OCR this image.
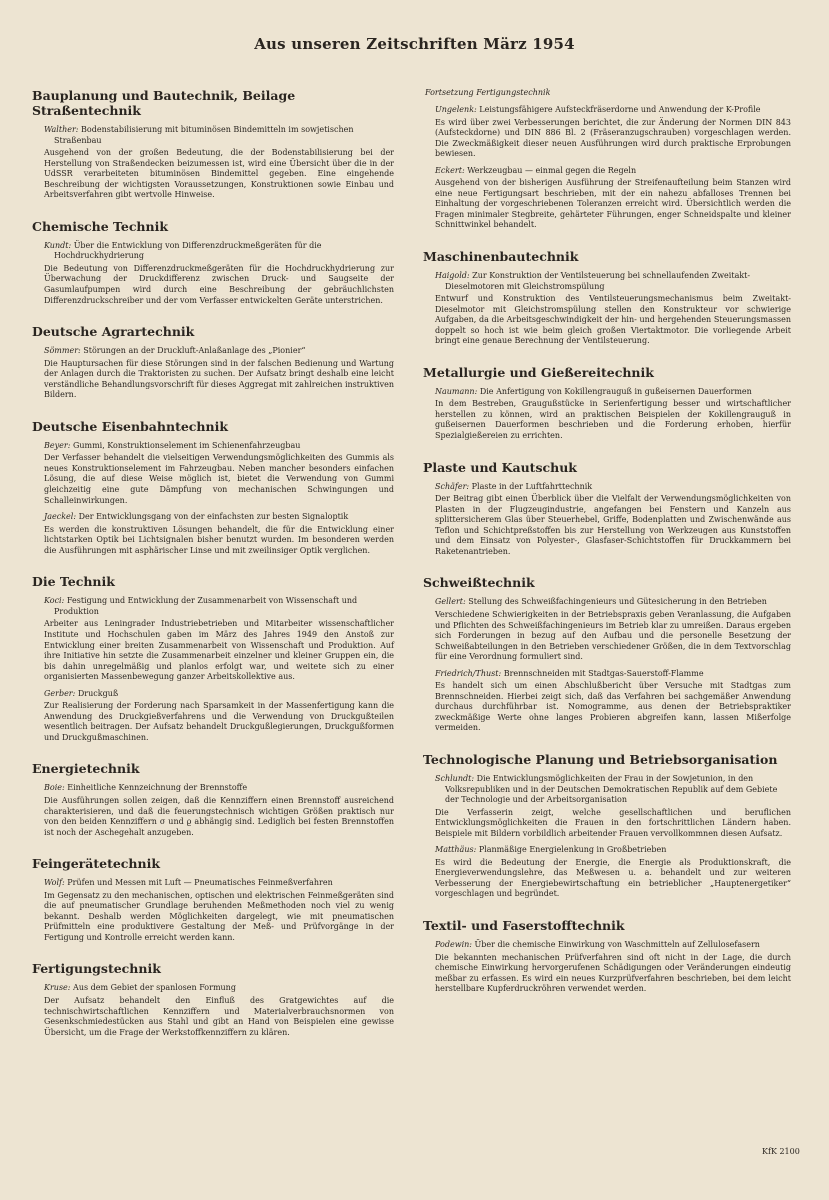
Aus unseren Zeitschriften März 1954
Bauplanung und Bautechnik, Beilage Straßentechnik
Walther: Bodenstabilisierung mit bituminösen Bindemitteln im sowjetischen Straßenbau
Ausgehend von der großen Bedeutung, die der Bodenstabilisierung bei der Herstellung von Straßendecken beizumessen ist, wird eine Übersicht über die in der UdSSR verarbeiteten bituminösen Bindemittel gegeben. Eine eingehende Beschreibung der wichtigsten Voraussetzungen, Konstruktionen sowie Einbau und Arbeitsverfahren gibt wertvolle Hinweise.
Chemische Technik
Kundt: Über die Entwicklung von Differenzdruckmeßgeräten für die Hochdruckhydrierung
Die Bedeutung von Differenzdruckmeßgeräten für die Hochdruckhydrierung zur Überwachung der Druckdifferenz zwischen Druck- und Saugseite der Gasumlaufpumpen wird durch eine Beschreibung der gebräuchlichsten Differenzdruckschreiber und der vom Verfasser entwickelten Geräte unterstrichen.
Deutsche Agrartechnik
Sömmer: Störungen an der Druckluft-Anlaßanlage des „Pionier“
Die Hauptursachen für diese Störungen sind in der falschen Bedienung und Wartung der Anlagen durch die Traktoristen zu suchen. Der Aufsatz bringt deshalb eine leicht verständliche Behandlungsvorschrift für dieses Aggregat mit zahlreichen instruktiven Bildern.
Deutsche Eisenbahntechnik
Beyer: Gummi, Konstruktionselement im Schienenfahrzeugbau
Der Verfasser behandelt die vielseitigen Verwendungsmöglichkeiten des Gummis als neues Konstruktionselement im Fahrzeugbau. Neben mancher besonders einfachen Lösung, die auf diese Weise möglich ist, bietet die Verwendung von Gummi gleichzeitig eine gute Dämpfung von mechanischen Schwingungen und Schalleinwirkungen.
Jaeckel: Der Entwicklungsgang von der einfachsten zur besten Signaloptik
Es werden die konstruktiven Lösungen behandelt, die für die Entwicklung einer lichtstarken Optik bei Lichtsignalen bisher benutzt wurden. Im besonderen werden die Ausführungen mit asphärischer Linse und mit zweilinsiger Optik verglichen.
Die Technik
Koci: Festigung und Entwicklung der Zusammenarbeit von Wissenschaft und Produktion
Arbeiter aus Leningrader Industriebetrieben und Mitarbeiter wissenschaftlicher Institute und Hochschulen gaben im März des Jahres 1949 den Anstoß zur Entwicklung einer breiten Zusammenarbeit von Wissenschaft und Produktion. Auf ihre Initiative hin setzte die Zusammenarbeit einzelner und kleiner Gruppen ein, die bis dahin unregelmäßig und planlos erfolgt war, und weitete sich zu einer organisierten Massenbewegung ganzer Arbeitskollektive aus.
Gerber: Druckguß
Zur Realisierung der Forderung nach Sparsamkeit in der Massenfertigung kann die Anwendung des Druckgießverfahrens und die Verwendung von Druckgußteilen wesentlich beitragen. Der Aufsatz behandelt Druckgußlegierungen, Druckgußformen und Druckgußmaschinen.
Energietechnik
Boie: Einheitliche Kennzeichnung der Brennstoffe
Die Ausführungen sollen zeigen, daß die Kennziffern einen Brennstoff ausreichend charakterisieren, und daß die feuerungstechnisch wichtigen Größen praktisch nur von den beiden Kennziffern σ und ϱ abhängig sind. Lediglich bei festen Brennstoffen ist noch der Aschegehalt anzugeben.
Feingerätetechnik
Wolf: Prüfen und Messen mit Luft — Pneumatisches Feinmeßverfahren
Im Gegensatz zu den mechanischen, optischen und elektrischen Feinmeßgeräten sind die auf pneumatischer Grundlage beruhenden Meßmethoden noch viel zu wenig bekannt. Deshalb werden Möglichkeiten dargelegt, wie mit pneumatischen Prüfmitteln eine produktivere Gestaltung der Meß- und Prüfvorgänge in der Fertigung und Kontrolle erreicht werden kann.
Fertigungstechnik
Kruse: Aus dem Gebiet der spanlosen Formung
Der Aufsatz behandelt den Einfluß des Gratgewichtes auf die technischwirtschaftlichen Kennziffern und Materialverbrauchsnormen von Gesenkschmiedestücken aus Stahl und gibt an Hand von Beispielen eine gewisse Übersicht, um die Frage der Werkstoffkennziffern zu klären.
Fortsetzung Fertigungstechnik
Ungelenk: Leistungsfähigere Aufsteckfräserdorne und Anwendung der K-Profile
Es wird über zwei Verbesserungen berichtet, die zur Änderung der Normen DIN 843 (Aufsteckdorne) und DIN 886 Bl. 2 (Fräseranzugschrauben) vorgeschlagen werden. Die Zweckmäßigkeit dieser neuen Ausführungen wird durch praktische Erprobungen bewiesen.
Eckert: Werkzeugbau — einmal gegen die Regeln
Ausgehend von der bisherigen Ausführung der Streifenaufteilung beim Stanzen wird eine neue Fertigungsart beschrieben, mit der ein nahezu abfalloses Trennen bei Einhaltung der vorgeschriebenen Toleranzen erreicht wird. Übersichtlich werden die Fragen minimaler Stegbreite, gehärteter Führungen, enger Schneidspalte und kleiner Schnittwinkel behandelt.
Maschinenbautechnik
Haigold: Zur Konstruktion der Ventilsteuerung bei schnellaufenden Zweitakt-Dieselmotoren mit Gleichstromspülung
Entwurf und Konstruktion des Ventilsteuerungsmechanismus beim Zweitakt-Dieselmotor mit Gleichstromspülung stellen den Konstrukteur vor schwierige Aufgaben, da die Arbeitsgeschwindigkeit der hin- und hergehenden Steuerungsmassen doppelt so hoch ist wie beim gleich großen Viertaktmotor. Die vorliegende Arbeit bringt eine genaue Berechnung der Ventilsteuerung.
Metallurgie und Gießereitechnik
Naumann: Die Anfertigung von Kokillengrauguß in gußeisernen Dauerformen
In dem Bestreben, Graugußstücke in Serienfertigung besser und wirtschaftlicher herstellen zu können, wird an praktischen Beispielen der Kokillengrauguß in gußeisernen Dauerformen beschrieben und die Forderung erhoben, hierfür Spezialgießereien zu errichten.
Plaste und Kautschuk
Schäfer: Plaste in der Luftfahrttechnik
Der Beitrag gibt einen Überblick über die Vielfalt der Verwendungsmöglichkeiten von Plasten in der Flugzeugindustrie, angefangen bei Fenstern und Kanzeln aus splittersicherem Glas über Steuerhebel, Griffe, Bodenplatten und Zwischenwände aus Teflon und Schichtpreßstoffen bis zur Herstellung von Werkzeugen aus Kunststoffen und dem Einsatz von Polyester-, Glasfaser-Schichtstoffen für Druckkammern bei Raketenantrieben.
Schweißtechnik
Gellert: Stellung des Schweißfachingenieurs und Gütesicherung in den Betrieben
Verschiedene Schwierigkeiten in der Betriebspraxis geben Veranlassung, die Aufgaben und Pflichten des Schweißfachingenieurs im Betrieb klar zu umreißen. Daraus ergeben sich Forderungen in bezug auf den Aufbau und die personelle Besetzung der Schweißabteilungen in den Betrieben verschiedener Größen, die in dem Textvorschlag für eine Verordnung formuliert sind.
Friedrich/Thust: Brennschneiden mit Stadtgas-Sauerstoff-Flamme
Es handelt sich um einen Abschlußbericht über Versuche mit Stadtgas zum Brennschneiden. Hierbei zeigt sich, daß das Verfahren bei sachgemäßer Anwendung durchaus durchführbar ist. Nomogramme, aus denen der Betriebspraktiker zweckmäßige Werte ohne langes Probieren abgreifen kann, lassen Mißerfolge vermeiden.
Technologische Planung und Betriebsorganisation
Schlundt: Die Entwicklungsmöglichkeiten der Frau in der Sowjetunion, in den Volksrepubliken und in der Deutschen Demokratischen Republik auf dem Gebiete der Technologie und der Arbeitsorganisation
Die Verfasserin zeigt, welche gesellschaftlichen und beruflichen Entwicklungsmöglichkeiten die Frauen in den fortschrittlichen Ländern haben. Beispiele mit Bildern vorbildlich arbeitender Frauen vervollkommnen diesen Aufsatz.
Matthäus: Planmäßige Energielenkung in Großbetrieben
Es wird die Bedeutung der Energie, die Energie als Produktionskraft, die Energieverwendungslehre, das Meßwesen u. a. behandelt und zur weiteren Verbesserung der Energiebewirtschaftung ein betrieblicher „Hauptenergetiker“ vorgeschlagen und begründet.
Textil- und Faserstofftechnik
Podewin: Über die chemische Einwirkung von Waschmitteln auf Zellulosefasern
Die bekannten mechanischen Prüfverfahren sind oft nicht in der Lage, die durch chemische Einwirkung hervorgerufenen Schädigungen oder Veränderungen eindeutig meßbar zu erfassen. Es wird ein neues Kurzprüfverfahren beschrieben, bei dem leicht herstellbare Kupferdruckröhren verwendet werden.
KfK 2100
